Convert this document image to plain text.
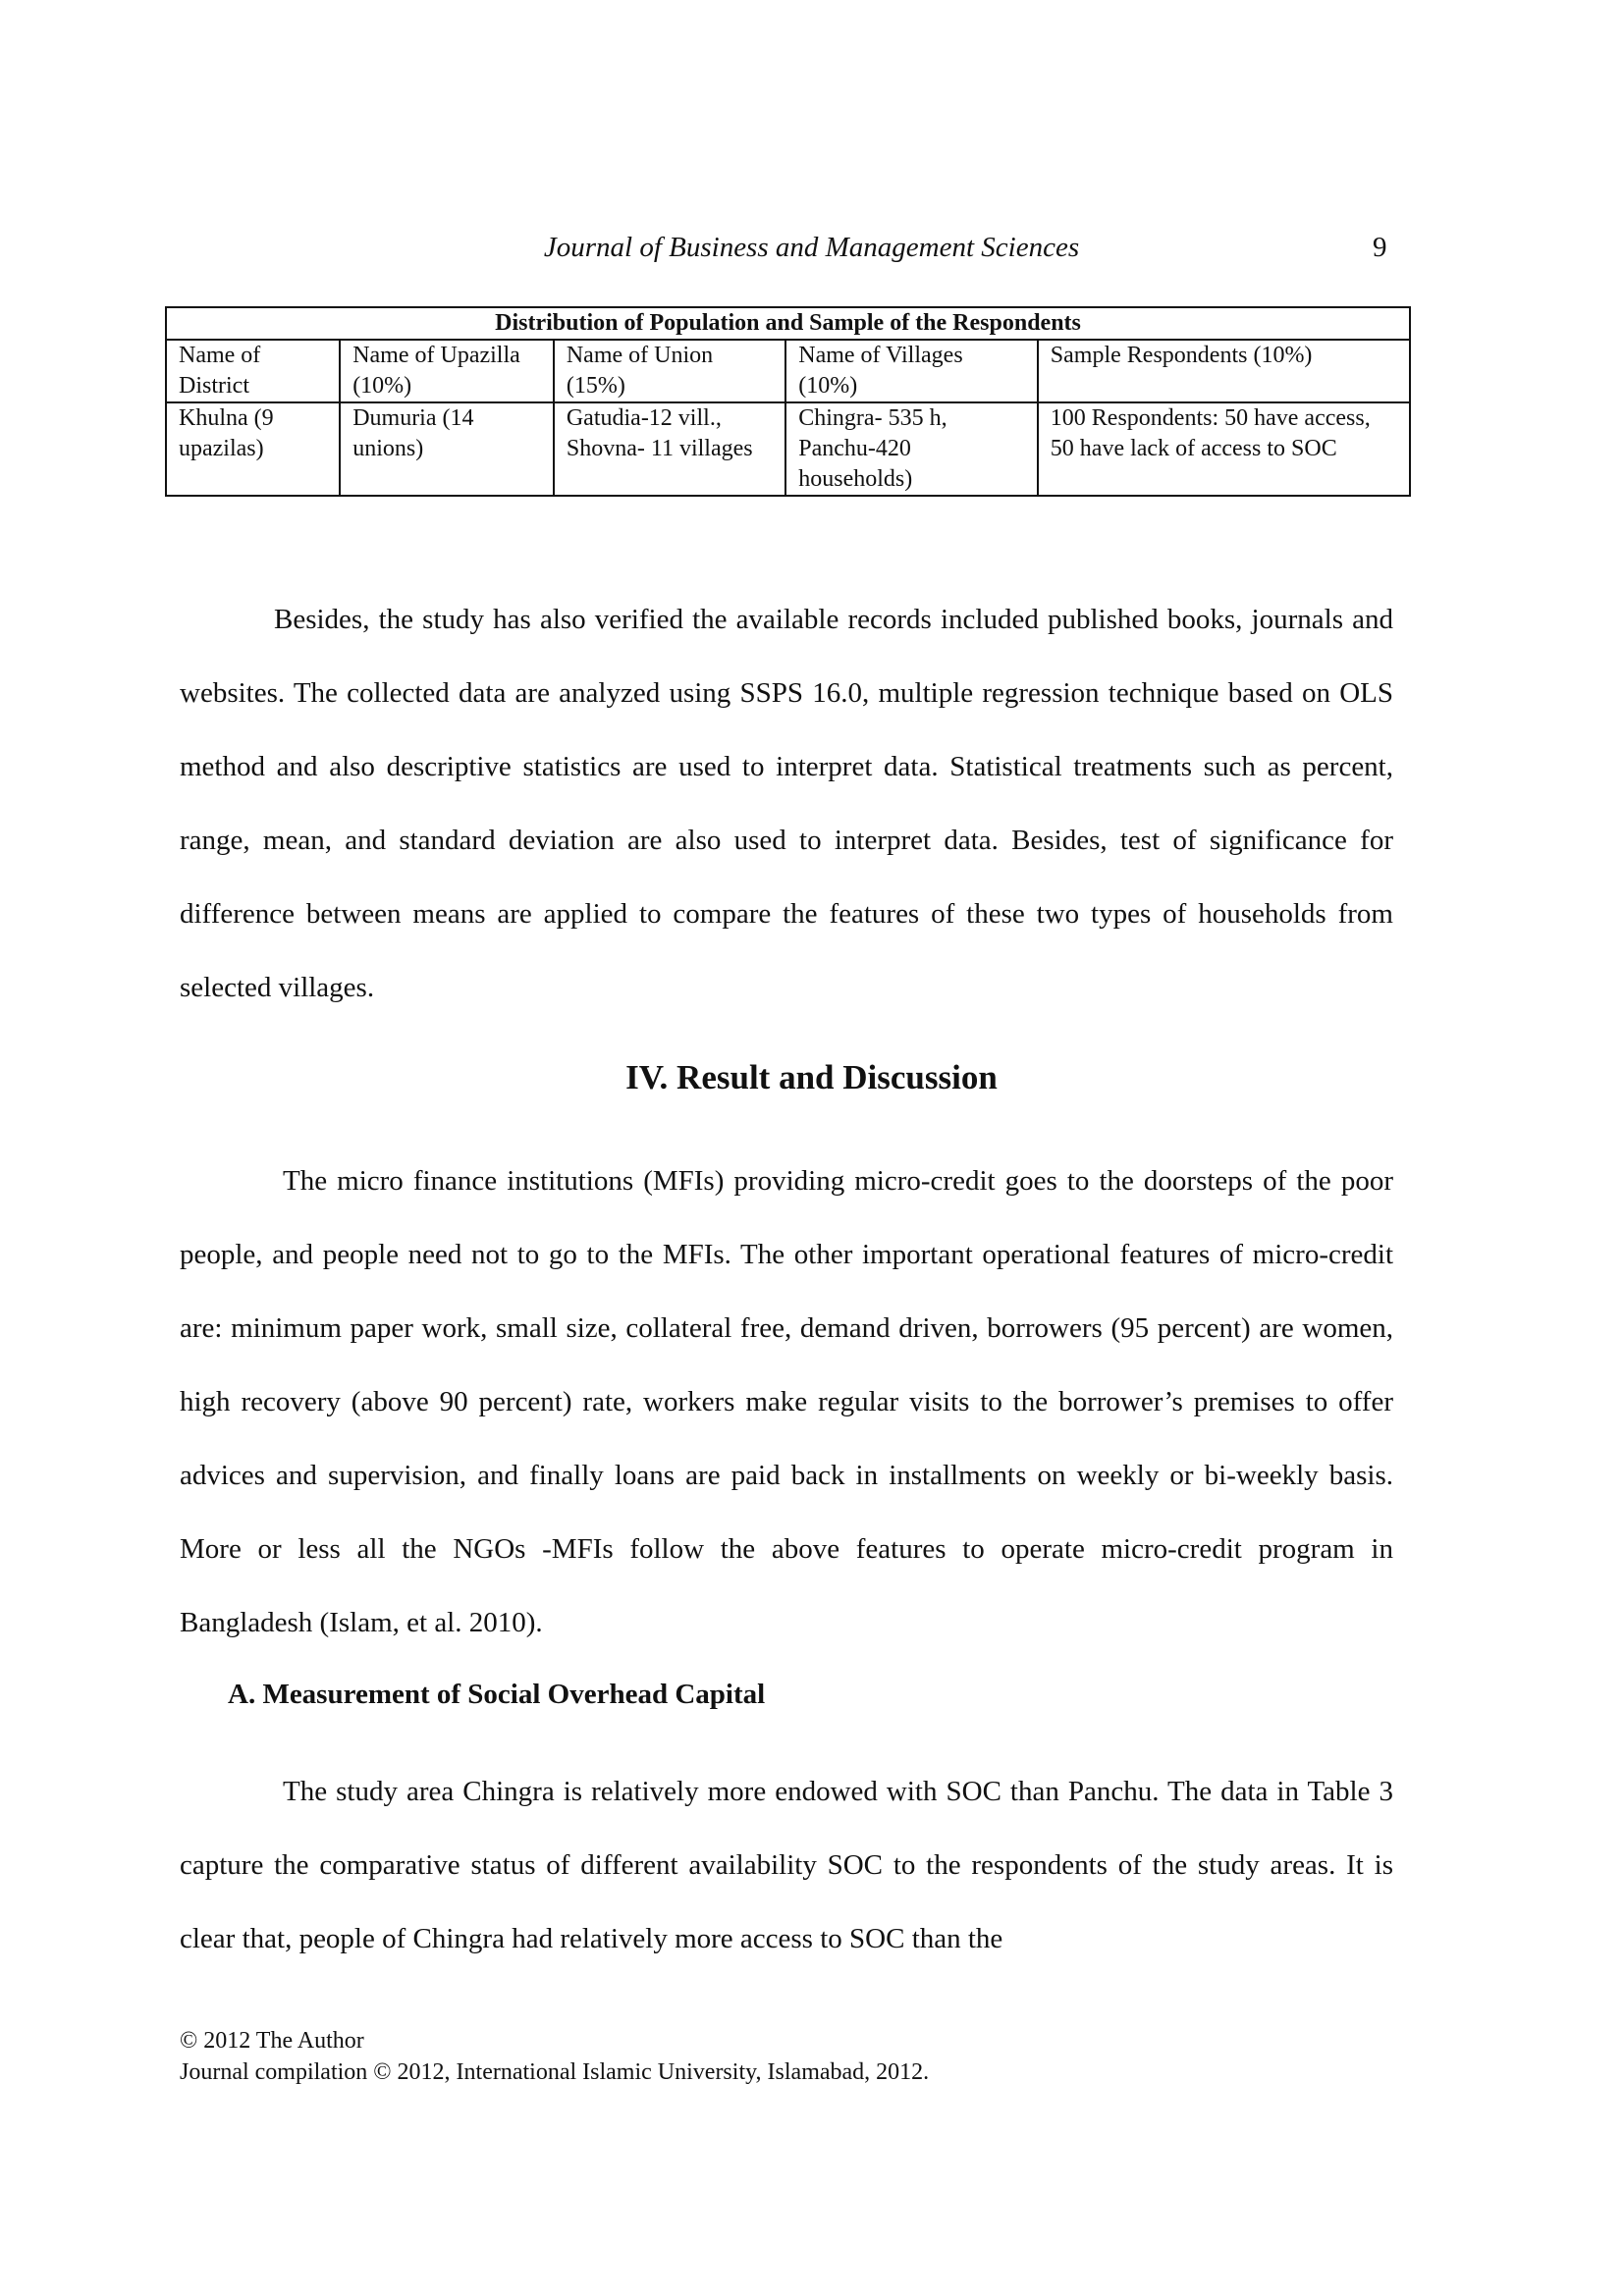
Journal of Business and Management Sciences	9
Distribution of Population and Sample of the Respondents				
Name of District	Name of Upazilla (10%)	Name of Union (15%)	Name of Villages (10%)	Sample Respondents (10%)
Khulna (9 upazilas)	Dumuria (14 unions)	Gatudia-12 vill., Shovna- 11 villages	Chingra- 535 h, Panchu-420 households)	100 Respondents: 50 have access, 50 have lack of access to SOC

Besides, the study has also verified the available records included published books, journals and websites. The collected data are analyzed using SSPS 16.0, multiple regression technique based on OLS method and also descriptive statistics are used to interpret data. Statistical treatments such as percent, range, mean, and standard deviation are also used to interpret data. Besides, test of significance for difference between means are applied to compare the features of these two types of households from selected villages.

IV. Result and Discussion

The micro finance institutions (MFIs) providing micro-credit goes to the doorsteps of the poor people, and people need not to go to the MFIs. The other important operational features of micro-credit are: minimum paper work, small size, collateral free, demand driven, borrowers (95 percent) are women, high recovery (above 90 percent) rate, workers make regular visits to the borrower’s premises to offer advices and supervision, and finally loans are paid back in installments on weekly or bi-weekly basis. More or less all the NGOs -MFIs follow the above features to operate micro-credit program in Bangladesh (Islam, et al. 2010).

A. Measurement of Social Overhead Capital

The study area Chingra is relatively more endowed with SOC than Panchu. The data in Table 3 capture the comparative status of different availability SOC to the respondents of the study areas. It is clear that, people of Chingra had relatively more access to SOC than the

© 2012 The Author
Journal compilation © 2012, International Islamic University, Islamabad, 2012.
